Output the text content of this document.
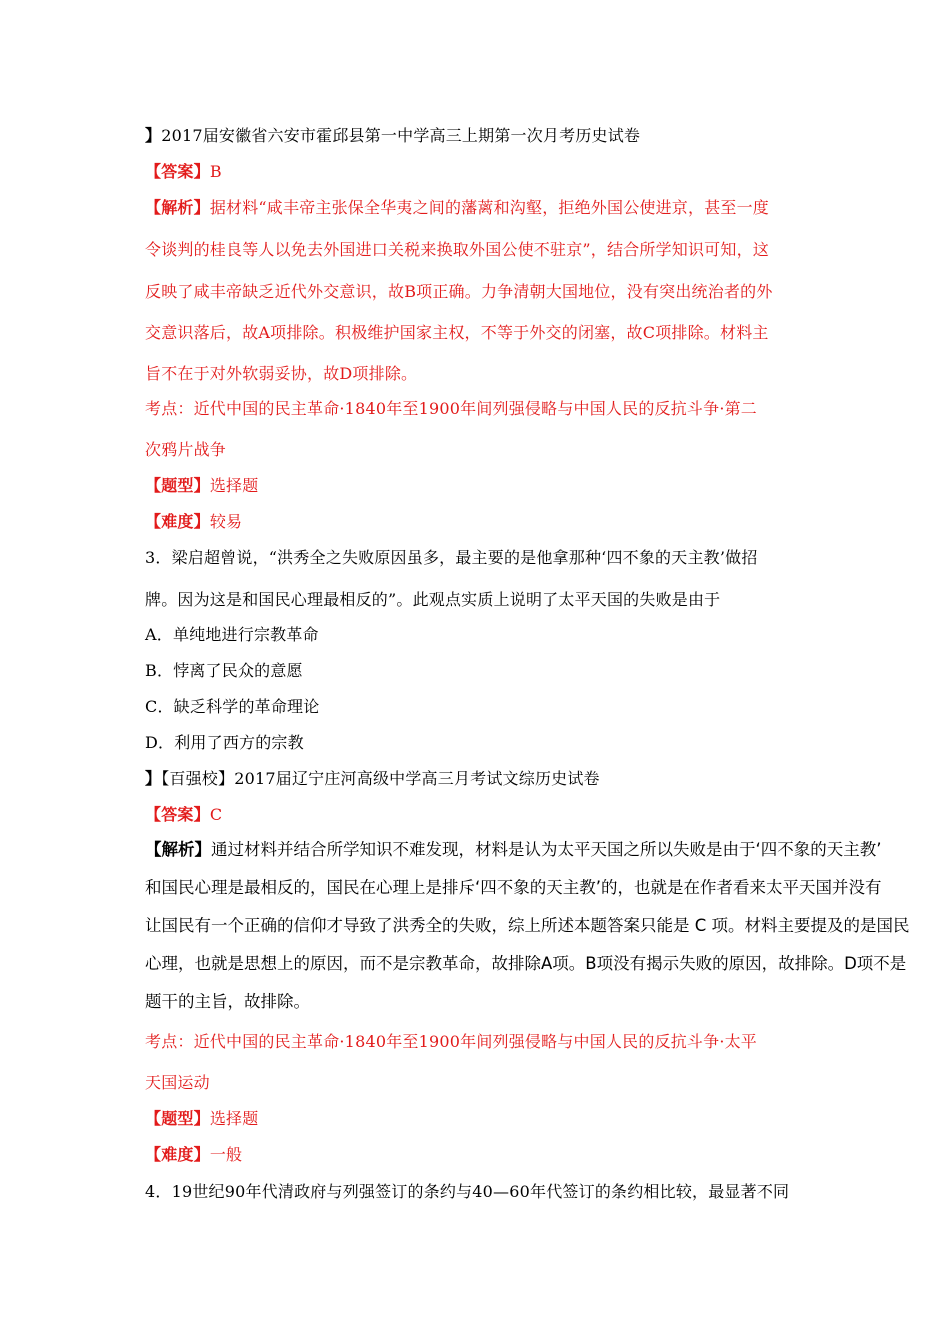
】2017届安徽省六安市霍邱县第一中学高三上期第一次月考历史试卷
【答案】B
【解析】据材料“咸丰帝主张保全华夷之间的藩蓠和沟壑，拒绝外国公使进京，甚至一度
令谈判的桂良等人以免去外国进口关税来换取外国公使不驻京”，结合所学知识可知，这
反映了咸丰帝缺乏近代外交意识，故B项正确。力争清朝大国地位，没有突出统治者的外
交意识落后，故A项排除。积极维护国家主权，不等于外交的闭塞，故C项排除。材料主
旨不在于对外软弱妥协，故D项排除。
考点：近代中国的民主革命·1840年至1900年间列强侵略与中国人民的反抗斗争·第二
次鸦片战争
【题型】选择题
【难度】较易
3．梁启超曾说，“洪秀全之失败原因虽多，最主要的是他拿那种‘四不象的天主教’做招
牌。因为这是和国民心理最相反的”。此观点实质上说明了太平天国的失败是由于
A．单纯地进行宗教革命
B．悖离了民众的意愿
C．缺乏科学的革命理论
D．利用了西方的宗教
】【百强校】2017届辽宁庄河高级中学高三月考试文综历史试卷
【答案】C
【解析】通过材料并结合所学知识不难发现，材料是认为太平天国之所以失败是由于‘四不象的天主教’
和国民心理是最相反的，国民在心理上是排斥‘四不象的天主教’的，也就是在作者看来太平天国并没有
让国民有一个正确的信仰才导致了洪秀全的失败，综上所述本题答案只能是 C 项。材料主要提及的是国民
心理，也就是思想上的原因，而不是宗教革命，故排除A项。B项没有揭示失败的原因，故排除。D项不是
题干的主旨，故排除。
考点：近代中国的民主革命·1840年至1900年间列强侵略与中国人民的反抗斗争·太平
天国运动
【题型】选择题
【难度】一般
4．19世纪90年代清政府与列强签订的条约与40—60年代签订的条约相比较，最显著不同
